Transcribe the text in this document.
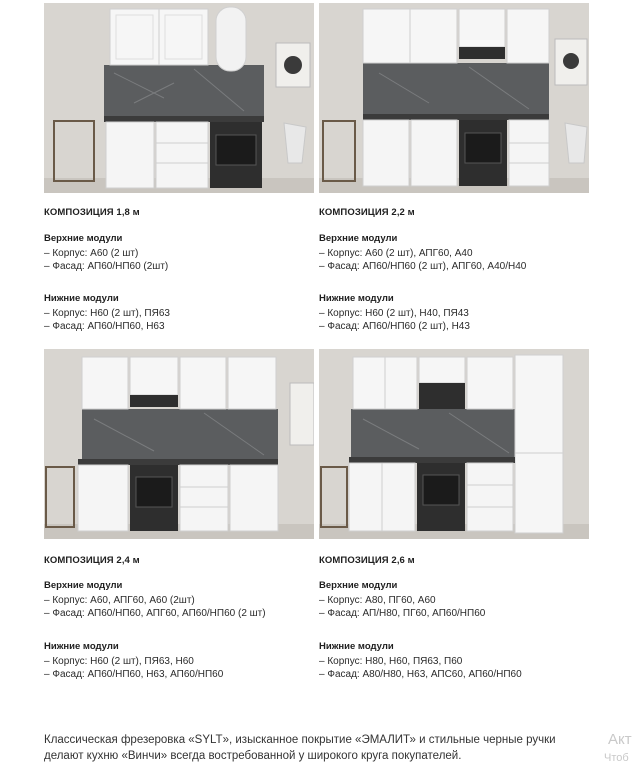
КОМПОЗИЦИЯ 1,8 м
Верхние модули
– Корпус: А60 (2 шт)
– Фасад: АП60/НП60 (2шт)
Нижние модули
– Корпус: Н60 (2 шт), ПЯ63
– Фасад: АП60/НП60, Н63
КОМПОЗИЦИЯ 2,2 м
Верхние модули
– Корпус: А60 (2 шт), АПГ60, А40
– Фасад: АП60/НП60 (2 шт), АПГ60, А40/Н40
Нижние модули
– Корпус: Н60 (2 шт), Н40, ПЯ43
– Фасад: АП60/НП60 (2 шт), Н43
КОМПОЗИЦИЯ 2,4 м
Верхние модули
– Корпус: А60, АПГ60, А60 (2шт)
– Фасад: АП60/НП60, АПГ60, АП60/НП60 (2 шт)
Нижние модули
– Корпус: Н60 (2 шт), ПЯ63, Н60
– Фасад: АП60/НП60, Н63, АП60/НП60
КОМПОЗИЦИЯ 2,6 м
Верхние модули
– Корпус: А80, ПГ60, А60
– Фасад: АП/Н80, ПГ60, АП60/НП60
Нижние модули
– Корпус: Н80, Н60, ПЯ63, П60
– Фасад: А80/Н80, Н63, АПС60, АП60/НП60
Классическая фрезеровка «SYLT», изысканное покрытие «ЭМАЛИТ» и стильные черные ручки делают кухню «Винчи» всегда востребованной у широкого круга покупателей.
Акт
Чтоб
